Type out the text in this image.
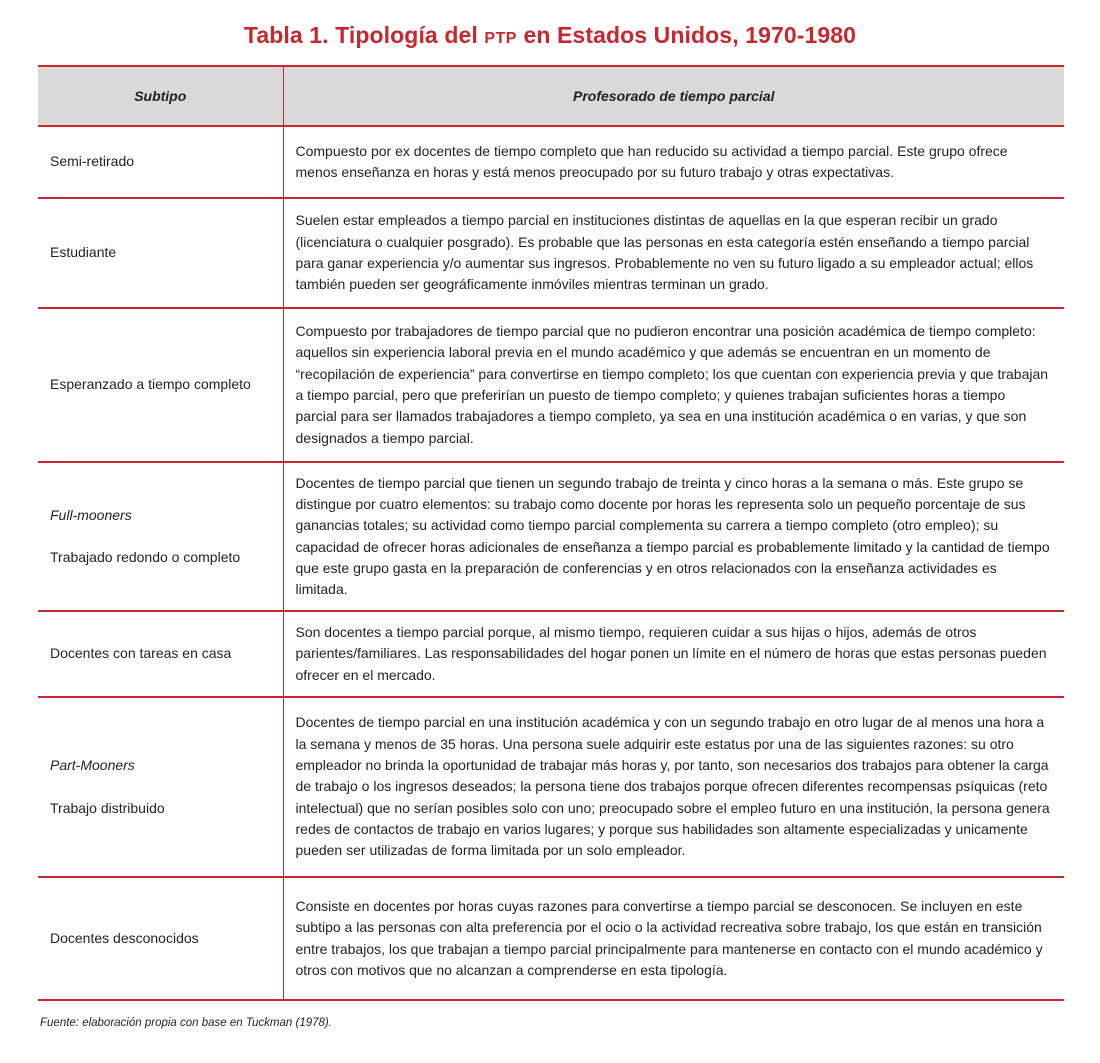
Tabla 1. Tipología del PTP en Estados Unidos, 1970-1980
Subtipo	Profesorado de tiempo parcial

Semi-retirado	Compuesto por ex docentes de tiempo completo que han reducido su actividad a tiempo parcial. Este grupo ofrece menos enseñanza en horas y está menos preocupado por su futuro trabajo y otras expectativas.

Estudiante	Suelen estar empleados a tiempo parcial en instituciones distintas de aquellas en la que esperan recibir un grado (licenciatura o cualquier posgrado). Es probable que las personas en esta categoría estén enseñando a tiempo parcial para ganar experiencia y/o aumentar sus ingresos. Probablemente no ven su futuro ligado a su empleador actual; ellos también pueden ser geográficamente inmóviles mientras terminan un grado.

Esperanzado a tiempo completo	Compuesto por trabajadores de tiempo parcial que no pudieron encontrar una posición académica de tiempo completo: aquellos sin experiencia laboral previa en el mundo académico y que además se encuentran en un momento de “recopilación de experiencia” para convertirse en tiempo completo; los que cuentan con experiencia previa y que trabajan a tiempo parcial, pero que preferirían un puesto de tiempo completo; y quienes trabajan suficientes horas a tiempo parcial para ser llamados trabajadores a tiempo completo, ya sea en una institución académica o en varias, y que son designados a tiempo parcial.

Full-mooners
Trabajado redondo o completo	Docentes de tiempo parcial que tienen un segundo trabajo de treinta y cinco horas a la semana o más. Este grupo se distingue por cuatro elementos: su trabajo como docente por horas les representa solo un pequeño porcentaje de sus ganancias totales; su actividad como tiempo parcial complementa su carrera a tiempo completo (otro empleo); su capacidad de ofrecer horas adicionales de enseñanza a tiempo parcial es probablemente limitado y la cantidad de tiempo que este grupo gasta en la preparación de conferencias y en otros relacionados con la enseñanza actividades es limitada.

Docentes con tareas en casa	Son docentes a tiempo parcial porque, al mismo tiempo, requieren cuidar a sus hijas o hijos, además de otros parientes/familiares. Las responsabilidades del hogar ponen un límite en el número de horas que estas personas pueden ofrecer en el mercado.

Part-Mooners
Trabajo distribuido	Docentes de tiempo parcial en una institución académica y con un segundo trabajo en otro lugar de al menos una hora a la semana y menos de 35 horas. Una persona suele adquirir este estatus por una de las siguientes razones: su otro empleador no brinda la oportunidad de trabajar más horas y, por tanto, son necesarios dos trabajos para obtener la carga de trabajo o los ingresos deseados; la persona tiene dos trabajos porque ofrecen diferentes recompensas psíquicas (reto intelectual) que no serían posibles solo con uno; preocupado sobre el empleo futuro en una institución, la persona genera redes de contactos de trabajo en varios lugares; y porque sus habilidades son altamente especializadas y unicamente pueden ser utilizadas de forma limitada por un solo empleador.

Docentes desconocidos	Consiste en docentes por horas cuyas razones para convertirse a tiempo parcial se desconocen. Se incluyen en este subtipo a las personas con alta preferencia por el ocio o la actividad recreativa sobre trabajo, los que están en transición entre trabajos, los que trabajan a tiempo parcial principalmente para mantenerse en contacto con el mundo académico y otros con motivos que no alcanzan a comprenderse en esta tipología.
Fuente: elaboración propia con base en Tuckman (1978).
